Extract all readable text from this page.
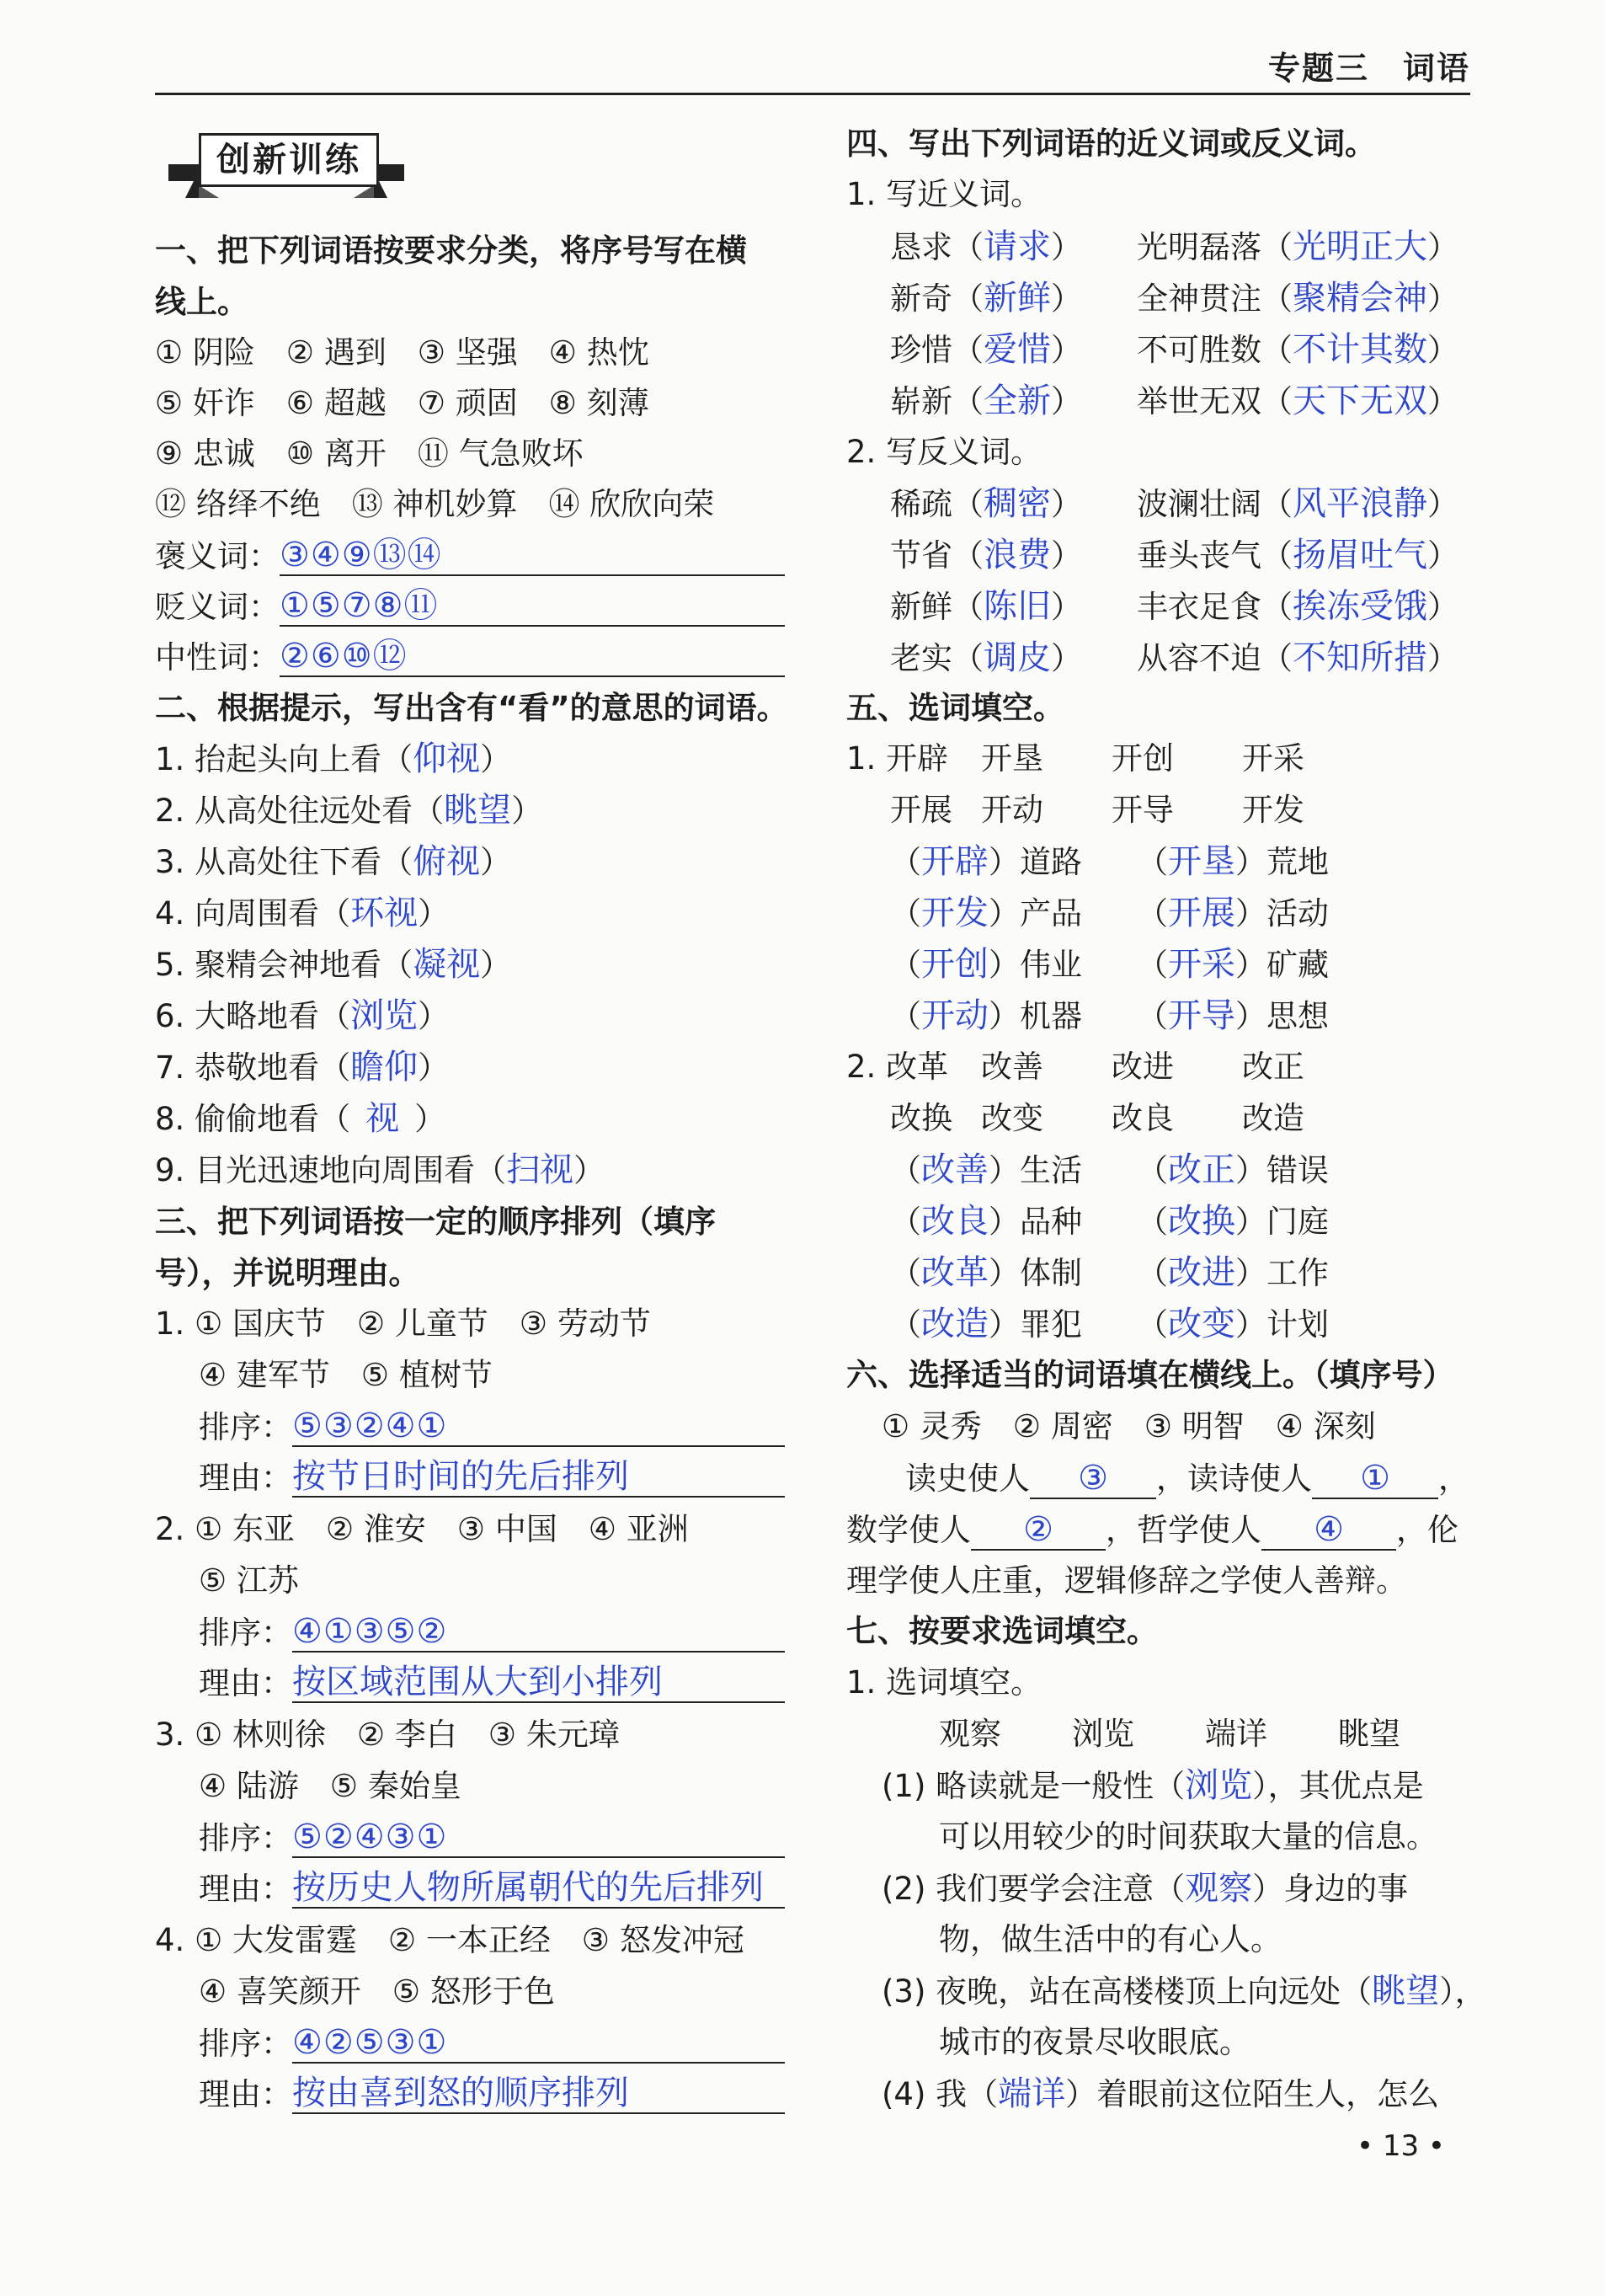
专题三　词语
创新训练
一、把下列词语按要求分类，将序号写在横
线上。
① 阴险　② 遇到　③ 坚强　④ 热忱
⑤ 奸诈　⑥ 超越　⑦ 顽固　⑧ 刻薄
⑨ 忠诚　⑩ 离开　⑪ 气急败坏
⑫ 络绎不绝　⑬ 神机妙算　⑭ 欣欣向荣
褒义词：③④⑨⑬⑭
贬义词：①⑤⑦⑧⑪
中性词：②⑥⑩⑫
二、根据提示，写出含有“看”的意思的词语。
1. 抬起头向上看（仰视）
2. 从高处往远处看（眺望）
3. 从高处往下看（俯视）
4. 向周围看（环视）
5. 聚精会神地看（凝视）
6. 大略地看（浏览）
7. 恭敬地看（瞻仰）
8. 偷偷地看（ 视 ）
9. 目光迅速地向周围看（扫视）
三、把下列词语按一定的顺序排列（填序
号），并说明理由。
1. ① 国庆节　② 儿童节　③ 劳动节
④ 建军节　⑤ 植树节
排序：⑤③②④①
理由：按节日时间的先后排列
2. ① 东亚　② 淮安　③ 中国　④ 亚洲
⑤ 江苏
排序：④①③⑤②
理由：按区域范围从大到小排列
3. ① 林则徐　② 李白　③ 朱元璋
④ 陆游　⑤ 秦始皇
排序：⑤②④③①
理由：按历史人物所属朝代的先后排列
4. ① 大发雷霆　② 一本正经　③ 怒发冲冠
④ 喜笑颜开　⑤ 怒形于色
排序：④②⑤③①
理由：按由喜到怒的顺序排列
四、写出下列词语的近义词或反义词。
1. 写近义词。
恳求（请求） 光明磊落（光明正大）
新奇（新鲜） 全神贯注（聚精会神）
珍惜（爱惜） 不可胜数（不计其数）
崭新（全新） 举世无双（天下无双）
2. 写反义词。
稀疏（稠密） 波澜壮阔（风平浪静）
节省（浪费） 垂头丧气（扬眉吐气）
新鲜（陈旧） 丰衣足食（挨冻受饿）
老实（调皮） 从容不迫（不知所措）
五、选词填空。
1. 开辟 开垦 开创 开采
开展 开动 开导 开发
（开辟）道路 （开垦）荒地
（开发）产品 （开展）活动
（开创）伟业 （开采）矿藏
（开动）机器 （开导）思想
2. 改革 改善 改进 改正
改换 改变 改良 改造
（改善）生活 （改正）错误
（改良）品种 （改换）门庭
（改革）体制 （改进）工作
（改造）罪犯 （改变）计划
六、选择适当的词语填在横线上。（填序号）
① 灵秀　② 周密　③ 明智　④ 深刻
读史使人 ③ ，读诗使人 ① ，
数学使人 ② ，哲学使人 ④ ，伦
理学使人庄重，逻辑修辞之学使人善辩。
七、按要求选词填空。
1. 选词填空。
观察 浏览 端详 眺望
(1) 略读就是一般性（浏览），其优点是
可以用较少的时间获取大量的信息。
(2) 我们要学会注意（观察）身边的事
物，做生活中的有心人。
(3) 夜晚，站在高楼楼顶上向远处（眺望），
城市的夜景尽收眼底。
(4) 我（端详）着眼前这位陌生人，怎么
• 13 •
